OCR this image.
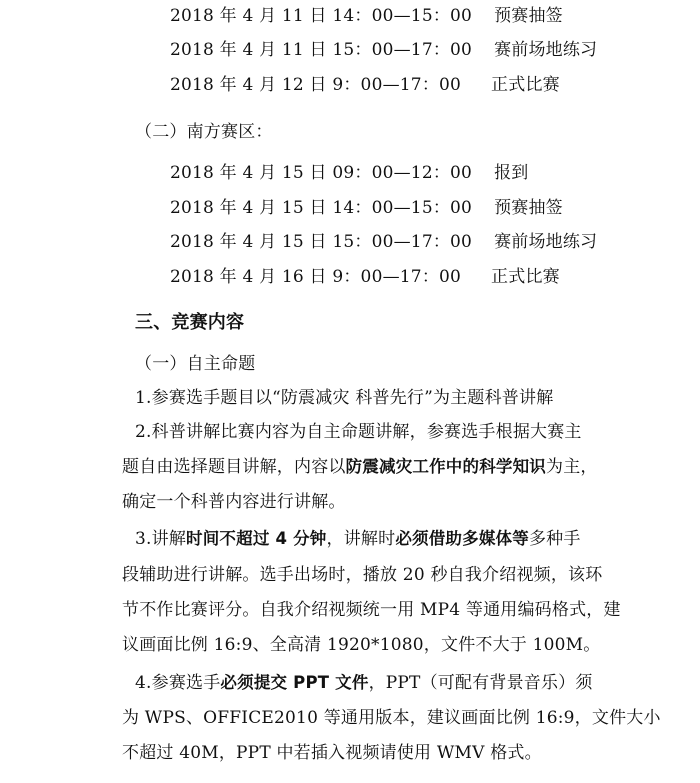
2018 年 4 月 11 日 14：00—15：00 预赛抽签
2018 年 4 月 11 日 15：00—17：00 赛前场地练习
2018 年 4 月 12 日 9：00—17：00 正式比赛
（二）南方赛区：
2018 年 4 月 15 日 09：00—12：00 报到
2018 年 4 月 15 日 14：00—15：00 预赛抽签
2018 年 4 月 15 日 15：00—17：00 赛前场地练习
2018 年 4 月 16 日 9：00—17：00 正式比赛
三、竞赛内容
（一）自主命题
1.参赛选手题目以“防震减灾 科普先行”为主题科普讲解
2.科普讲解比赛内容为自主命题讲解，参赛选手根据大赛主
题自由选择题目讲解，内容以防震减灾工作中的科学知识为主，
确定一个科普内容进行讲解。
3.讲解时间不超过 4 分钟，讲解时必须借助多媒体等多种手
段辅助进行讲解。选手出场时，播放 20 秒自我介绍视频，该环
节不作比赛评分。自我介绍视频统一用 MP4 等通用编码格式，建
议画面比例 16:9、全高清 1920*1080，文件不大于 100M。
4.参赛选手必须提交 PPT 文件，PPT（可配有背景音乐）须
为 WPS、OFFICE2010 等通用版本，建议画面比例 16:9，文件大小
不超过 40M，PPT 中若插入视频请使用 WMV 格式。
